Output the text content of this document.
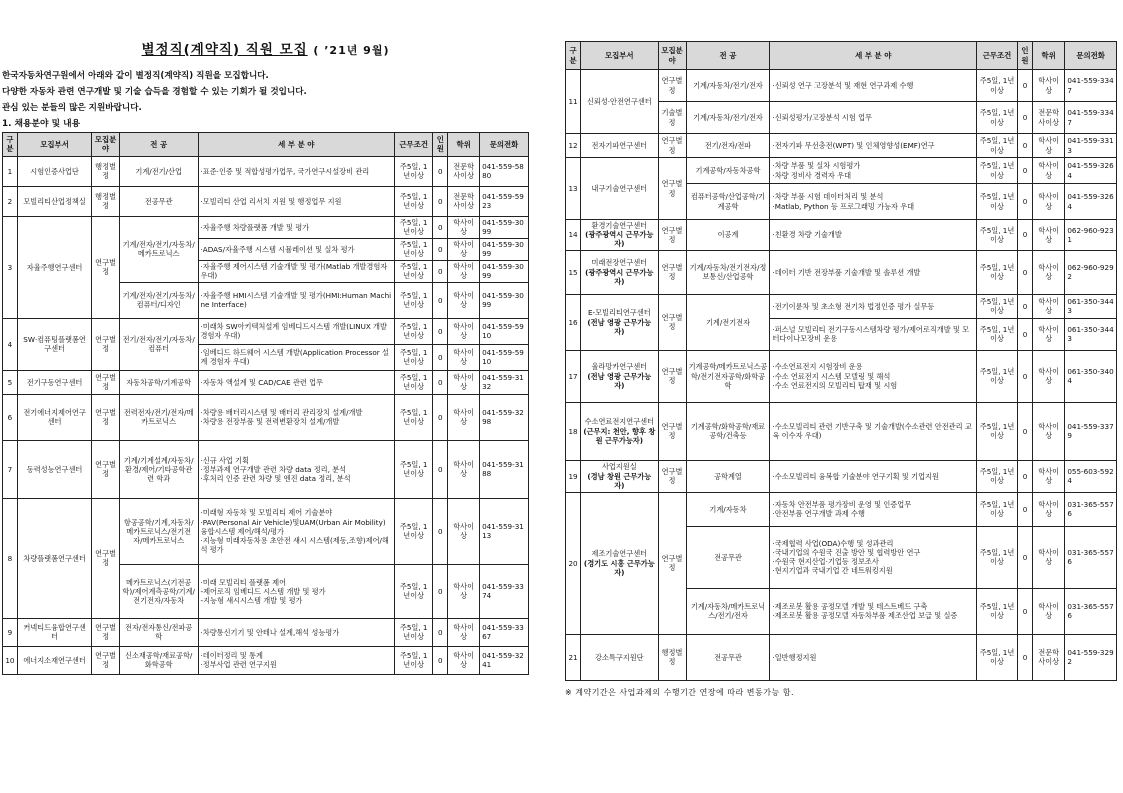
별정직(계약직) 직원 모집 ( ’21년 9월)
한국자동차연구원에서 아래와 같이 별정직(계약직) 직원을 모집합니다.
다양한 자동차 관련 연구개발 및 기술 습득을 경험할 수 있는 기회가 될 것입니다.
관심 있는 분들의 많은 지원바랍니다.
1. 채용분야 및 내용
구분	모집부서	모집분야	전 공	세 부 분 야	근무조건	인원	학위	문의전화
1	시험인증사업단	행정별정	기계/전기/산업	·표준·인증 및 적합성평가업무, 국가연구시설장비 관리	주5일, 1년이상	0	전문학사이상	041-559-5880
2	모빌리티산업정책실	행정별정	전공무관	·모빌리티 산업 리서치 지원 및 행정업무 지원	주5일, 1년이상	0	전문학사이상	041-559-5923
3	자율주행연구센터	연구별정	기계/전자/전기/자동차/메카트로닉스	·자율주행 차량플랫폼 개발 및 평가	주5일, 1년이상	0	학사이상	041-559-3099
				·ADAS/자율주행 시스템 시뮬레이션 및 실차 평가	주5일, 1년이상	0	학사이상	041-559-3099
				·자율주행 제어시스템 기술개발 및 평가(Matlab 개발경험자 우대)	주5일, 1년이상	0	학사이상	041-559-3099
			기계/전자/전기/자동차/컴퓨터/디자인	·자율주행 HMI시스템 기술개발 및 평가(HMI:Human Machine Interface)	주5일, 1년이상	0	학사이상	041-559-3099
4	SW·컴퓨팅플랫폼연구센터	연구별정	전기/전자/전기/자동차/컴퓨터	·미래차 SW아키텍처설계 임베디드시스템 개발(LINUX 개발경험자 우대)	주5일, 1년이상	0	학사이상	041-559-5910
				·임베디드 하드웨어 시스템 개발(Application Processor 설계 경험자 우대)	주5일, 1년이상	0	학사이상	041-559-5910
5	전기구동연구센터	연구별정	자동차공학/기계공학	·자동차 액설계 및 CAD/CAE 관련 업무	주5일, 1년이상	0	학사이상	041-559-3132
6	전기에너지제어연구센터	연구별정	전력전자/전기/전자/메카트로닉스	·차량용 배터리시스템 및 배터리 관리장치 설계/개발
·차량용 전장부품 및 전력변환장치 설계/개발	주5일, 1년이상	0	학사이상	041-559-3298
7	동력성능연구센터	연구별정	기계/기계설계/자동차/환경/제어/기타공학관련 학과	·신규 사업 기획
·정부과제 연구개발 관련 차량 data 정리, 분석
·후처리 인증 관련 차량 및 엔진 data 정리, 분석	주5일, 1년이상	0	학사이상	041-559-3188
8	차량플랫폼연구센터	연구별정	항공공학/기계,자동차/메카트로닉스/전기전자/메카트로닉스	·미래형 자동차 및 모빌리티 제어 기술분야
·PAV(Personal Air Vehicle)및UAM(Urban Air Mobility)융합시스템 제어/해석/평가
·지능형 미래자동차용 초안전 섀시 시스템(제동,조향)제어/해석 평가	주5일, 1년이상	0	학사이상	041-559-3113
			메카트로닉스(기전공학)/제어계측공학/기계/전기전자/자동차	·미래 모빌리티 플랫폼 제어
-제어로직 임베디드 시스템 개발 및 평가
-지능형 섀시시스템 개발 및 평가	주5일, 1년이상	0	학사이상	041-559-3374
9	커넥티드융합연구센터	연구별정	전자/전자통신/전파공학	·차량통신기기 및 안테나 설계,해석 성능평가	주5일, 1년이상	0	학사이상	041-559-3367
10	에너지소재연구센터	연구별정	신소재공학/재료공학/화학공학	·데이터정리 및 통계
·정부사업 관련 연구지원	주5일, 1년이상	0	학사이상	041-559-3241
구분	모집부서	모집분야	전 공	세 부 분 야	근무조건	인원	학위	문의전화
11	신뢰성·안전연구센터	연구별정	기계/자동차/전기/전자	·신뢰성 연구 고장분석 및 재현 연구과제 수행	주5일, 1년이상	0	학사이상	041-559-3347
		기술별정	기계/자동차/전기/전자	·신뢰성평가/고장분석 시험 업무	주5일, 1년이상	0	전문학사이상	041-559-3347
12	전자기파연구센터	연구별정	전기/전자/전파	·전자기파 무선충전(WPT) 및 인체영향성(EMF)연구	주5일, 1년이상	0	학사이상	041-559-3313
13	내구기술연구센터	연구별정	기계공학/자동차공학	·차량 부품 및 실차 시험평가
·차량 정비사 경력자 우대	주5일, 1년이상	0	학사이상	041-559-3264
			컴퓨터공학/산업공학/기계공학	·차량 부품 시험 데이터처리 및 분석
·Matlab, Python 등 프로그래밍 가능자 우대	주5일, 1년이상	0	학사이상	041-559-3264
14	환경기술연구센터
(광주광역시 근무가능자)	연구별정	이공계	·친환경 차량 기술개발	주5일, 1년이상	0	학사이상	062-960-9231
15	미래전장연구센터
(광주광역시 근무가능자)	연구별정	기계/자동차/전기전자/정보통신/산업공학	·데이터 기반 전장부품 기술개발 및 솔루션 개발	주5일, 1년이상	0	학사이상	062-960-9292
16	E-모빌리티연구센터
(전남 영광 근무가능자)	연구별정	기계/전기전자	·전기이륜차 및 초소형 전기차 법정인증 평가 실무등	주5일, 1년이상	0	학사이상	061-350-3443
				·퍼스널 모빌리티 전기구동시스템차량 평가/제어로직개발 및 모터다이나모장비 운용	주5일, 1년이상	0	학사이상	061-350-3443
17	율라망카연구센터
(전남 영광 근무가능자)	연구별정	기계공학/메카트로닉스공학/전기전자공학/화학공학	·수소연료전지 시험장비 운용
·수소 연료전지 시스템 모델링 및 해석
·수소 연료전지의 모빌리티 탑재 및 시험	주5일, 1년이상	0	학사이상	061-350-3404
18	수소연료전지연구센터
(근무지: 천안, 향후 창원 근무가능자)	연구별정	기계공학/화학공학/재료공학/건축등	·수소모빌리티 관련 기반구축 및 기술개발(수소관련 안전관리 교육 이수자 우대)	주5일, 1년이상	0	학사이상	041-559-3379
19	사업지원실
(경남 창원 근무가능자)	연구별정	공학계열	·수소모빌리티 융복합 기술분야 연구기획 및 기업지원	주5일, 1년이상	0	학사이상	055-603-5924
20	제조기술연구센터
(경기도 시흥 근무가능자)	연구별정	기계/자동차	·자동차 안전부품 평가장비 운영 및 인증업무
·안전부품 연구개발 과제 수행	주5일, 1년이상	0	학사이상	031-365-5576
			전공무관	·국제협력 사업(ODA)수행 및 성과관리
·국내기업의 수원국 진출 방안 및 협력방안 연구
·수원국 현지산업·기업등 정보조사
·현지기업과 국내기업 간 네트워킹지원	주5일, 1년이상	0	학사이상	031-365-5576
			기계/자동차/메카트로닉스/전기/전자	·제조로봇 활용 공정모델 개발 및 테스트베드 구축
·제조로봇 활용 공정모델 자동차부품 제조산업 보급 및 실증	주5일, 1년이상	0	학사이상	031-365-5576
21	강소특구지원단	행정별정	전공무관	·일반행정지원	주5일, 1년이상	0	전문학사이상	041-559-3292
※ 계약기간은 사업과제의 수행기간 연장에 따라 변동가능 함.
